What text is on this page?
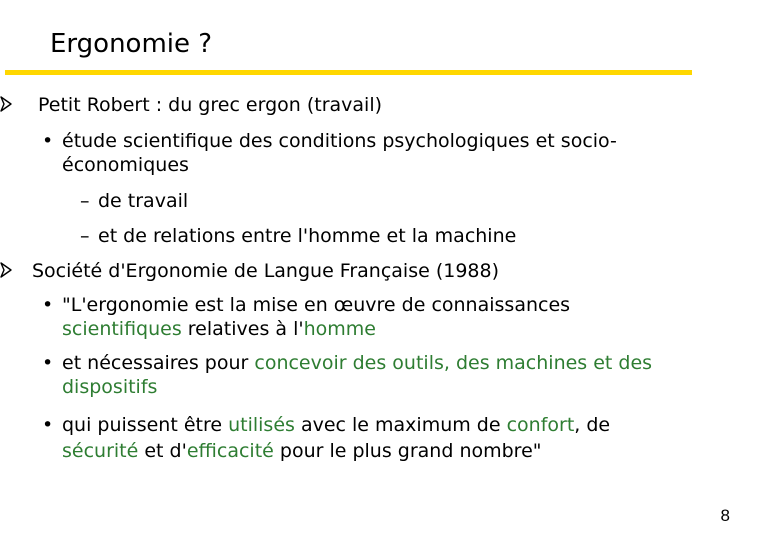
Ergonomie ?
Petit Robert : du grec ergon (travail)
• étude scientifique des conditions psychologiques et socio-
économiques
– de travail
– et de relations entre l'homme et la machine
Société d'Ergonomie de Langue Française (1988)
• "L'ergonomie est la mise en œuvre de connaissances
scientifiques relatives à l'homme
• et nécessaires pour concevoir des outils, des machines et des
dispositifs
• qui puissent être utilisés avec le maximum de confort, de
sécurité et d'efficacité pour le plus grand nombre"
8
